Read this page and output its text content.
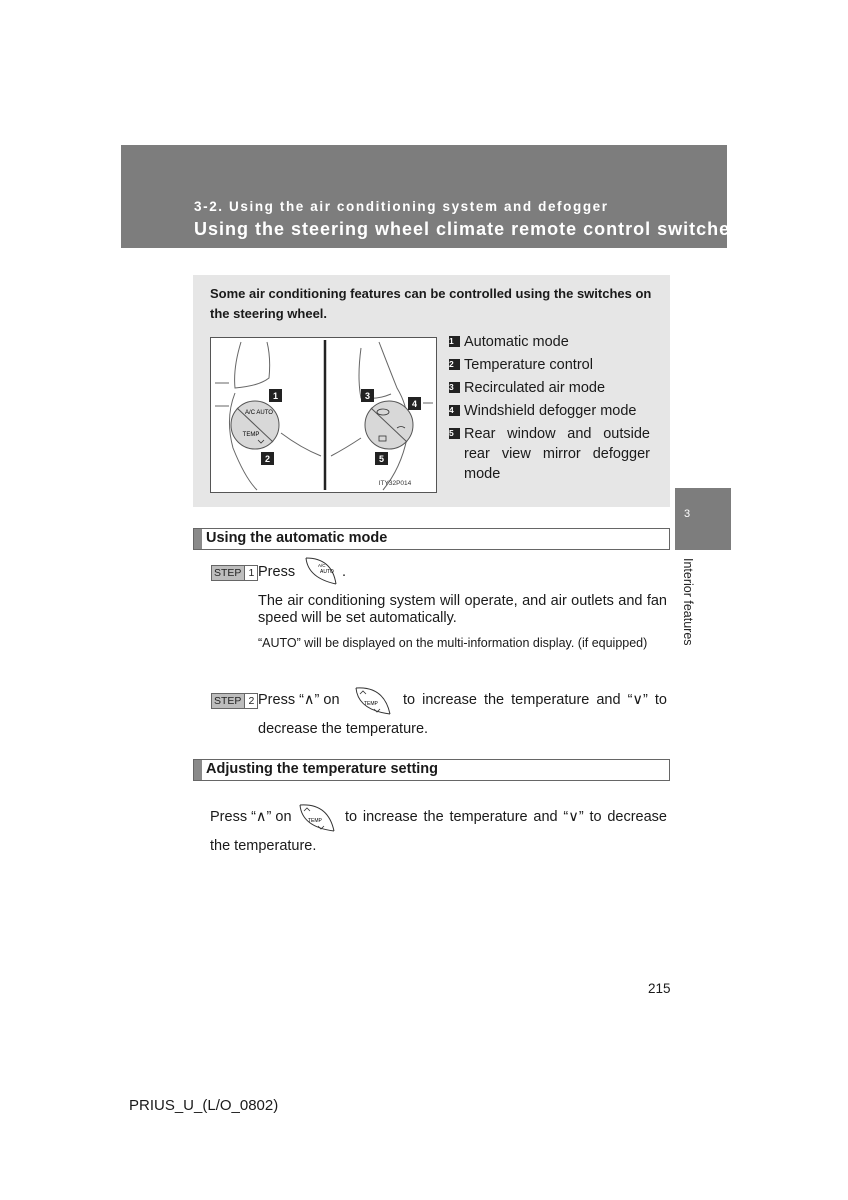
3-2. Using the air conditioning system and defogger
Using the steering wheel climate remote control switches
Some air conditioning features can be controlled using the switches on the steering wheel.
A/C AUTO
TEMP
1
2
3
4
5
ITY32P014
1 Automatic mode
2 Temperature control
3 Recirculated air mode
4 Windshield defogger mode
5 Rear window and outside rear view mirror defogger mode
3
Interior features
Using the automatic mode
STEP 1 Press	A/C
AUTO .
The air conditioning system will operate, and air outlets and fan speed will be set automatically.
“AUTO” will be displayed on the multi-information display. (if equipped)
STEP 2 Press “∧” on	TEMP to increase the temperature and “∨” to
decrease the temperature.
Adjusting the temperature setting
Press “∧” on	TEMP to increase the temperature and “∨” to decrease
the temperature.
215
PRIUS_U_(L/O_0802)
